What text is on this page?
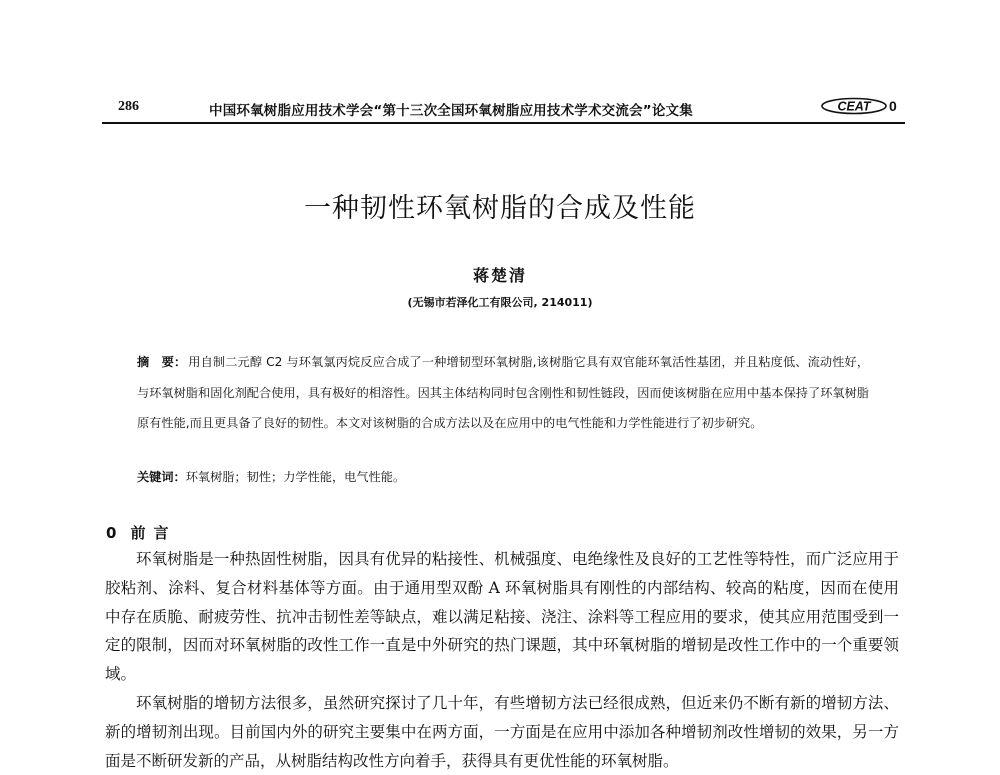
286	中国环氧树脂应用技术学会“第十三次全国环氧树脂应用技术学术交流会”论文集	CEAT 0
一种韧性环氧树脂的合成及性能
蒋楚清
(无锡市若泽化工有限公司, 214011)
摘　要： 用自制二元醇 C2 与环氧氯丙烷反应合成了一种增韧型环氧树脂,该树脂它具有双官能环氧活性基团，并且粘度低、流动性好，与环氧树脂和固化剂配合使用，具有极好的相溶性。因其主体结构同时包含刚性和韧性链段，因而使该树脂在应用中基本保持了环氧树脂原有性能,而且更具备了良好的韧性。本文对该树脂的合成方法以及在应用中的电气性能和力学性能进行了初步研究。
关键词：环氧树脂；韧性；力学性能，电气性能。
0 前言

环氧树脂是一种热固性树脂，因具有优异的粘接性、机械强度、电绝缘性及良好的工艺性等特性，而广泛应用于胶粘剂、涂料、复合材料基体等方面。由于通用型双酚 A 环氧树脂具有刚性的内部结构、较高的粘度，因而在使用中存在质脆、耐疲劳性、抗冲击韧性差等缺点，难以满足粘接、浇注、涂料等工程应用的要求，使其应用范围受到一定的限制，因而对环氧树脂的改性工作一直是中外研究的热门课题，其中环氧树脂的增韧是改性工作中的一个重要领域。

环氧树脂的增韧方法很多，虽然研究探讨了几十年，有些增韧方法已经很成熟，但近来仍不断有新的增韧方法、新的增韧剂出现。目前国内外的研究主要集中在两方面，一方面是在应用中添加各种增韧剂改性增韧的效果，另一方面是不断研发新的产品，从树脂结构改性方向着手，获得具有更优性能的环氧树脂。
